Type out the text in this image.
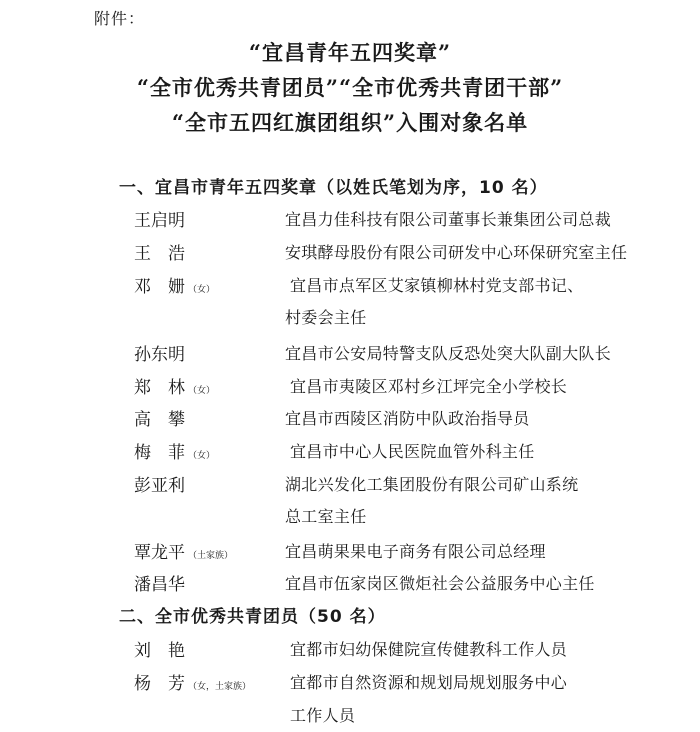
附件：
“宜昌青年五四奖章”
“全市优秀共青团员”“全市优秀共青团干部”
“全市五四红旗团组织”入围对象名单
一、宜昌市青年五四奖章（以姓氏笔划为序，10 名）
王启明	宜昌力佳科技有限公司董事长兼集团公司总裁
王　浩	安琪酵母股份有限公司研发中心环保研究室主任
邓　姗 （女）	宜昌市点军区艾家镇柳林村党支部书记、
村委会主任
孙东明	宜昌市公安局特警支队反恐处突大队副大队长
郑　林 （女）	宜昌市夷陵区邓村乡江坪完全小学校长
高　攀	宜昌市西陵区消防中队政治指导员
梅　菲 （女）	宜昌市中心人民医院血管外科主任
彭亚利	湖北兴发化工集团股份有限公司矿山系统
总工室主任
覃龙平 （土家族）	宜昌萌果果电子商务有限公司总经理
潘昌华	宜昌市伍家岗区微炬社会公益服务中心主任
二、全市优秀共青团员（50 名）
刘　艳	宜都市妇幼保健院宣传健教科工作人员
杨　芳 （女，土家族） 宜都市自然资源和规划局规划服务中心
工作人员
